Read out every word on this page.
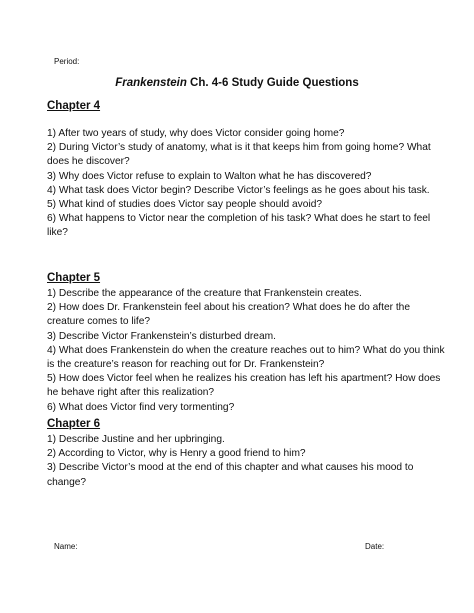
Period:
Frankenstein Ch. 4-6 Study Guide Questions
Chapter 4

1) After two years of study, why does Victor consider going home?

2) During Victor’s study of anatomy, what is it that keeps him from going home? What does he discover?

3) Why does Victor refuse to explain to Walton what he has discovered?

4) What task does Victor begin? Describe Victor’s feelings as he goes about his task.

5) What kind of studies does Victor say people should avoid?

6) What happens to Victor near the completion of his task? What does he start to feel like?

Chapter 5

1) Describe the appearance of the creature that Frankenstein creates.

2) How does Dr. Frankenstein feel about his creation? What does he do after the creature comes to life?

3) Describe Victor Frankenstein’s disturbed dream.

4) What does Frankenstein do when the creature reaches out to him? What do you think is the creature’s reason for reaching out for Dr. Frankenstein?

5) How does Victor feel when he realizes his creation has left his apartment? How does he behave right after this realization?

6) What does Victor find very tormenting?

Chapter 6

1) Describe Justine and her upbringing.

2) According to Victor, why is Henry a good friend to him?

3) Describe Victor’s mood at the end of this chapter and what causes his mood to change?

Name:	Date:
